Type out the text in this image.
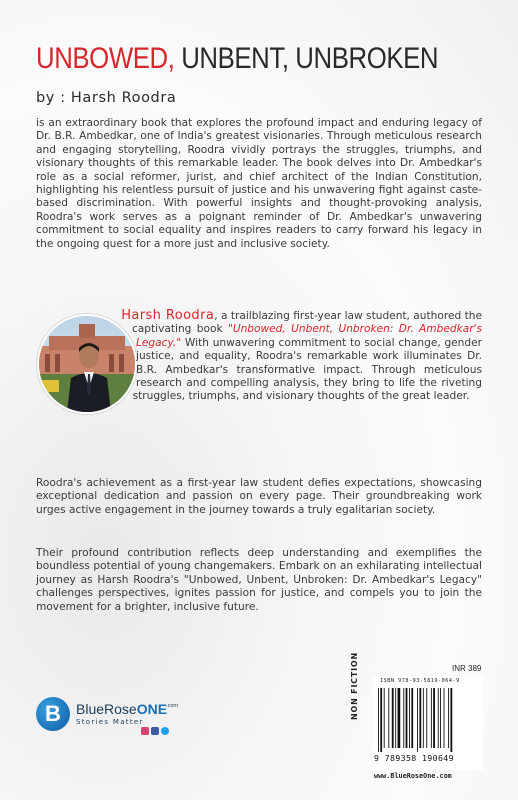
UNBOWED, UNBENT, UNBROKEN
by : Harsh Roodra

is an extraordinary book that explores the profound impact and enduring legacy of Dr. B.R. Ambedkar, one of India's greatest visionaries. Through meticulous research and engaging storytelling, Roodra vividly portrays the struggles, triumphs, and visionary thoughts of this remarkable leader. The book delves into Dr. Ambedkar's role as a social reformer, jurist, and chief architect of the Indian Constitution, highlighting his relentless pursuit of justice and his unwavering fight against caste-based discrimination. With powerful insights and thought-provoking analysis, Roodra's work serves as a poignant reminder of Dr. Ambedkar's unwavering commitment to social equality and inspires readers to carry forward his legacy in the ongoing quest for a more just and inclusive society.

Harsh Roodra, a trailblazing first-year law student, authored the captivating book "Unbowed, Unbent, Unbroken: Dr. Ambedkar's Legacy." With unwavering commitment to social change, gender justice, and equality, Roodra's remarkable work illuminates Dr. B.R. Ambedkar's transformative impact. Through meticulous research and compelling analysis, they bring to life the riveting struggles, triumphs, and visionary thoughts of the great leader.

Roodra's achievement as a first-year law student defies expectations, showcasing exceptional dedication and passion on every page. Their groundbreaking work urges active engagement in the journey towards a truly egalitarian society.

Their profound contribution reflects deep understanding and exemplifies the boundless potential of young changemakers. Embark on an exhilarating intellectual journey as Harsh Roodra's "Unbowed, Unbent, Unbroken: Dr. Ambedkar's Legacy" challenges perspectives, ignites passion for justice, and compels you to join the movement for a brighter, inclusive future.

B	BlueRoseONE
.com
Stories Matter
NON FICTION	INR 389
ISBN 978-93-5819-064-9
9 789358 190649
www.BlueRoseOne.com
